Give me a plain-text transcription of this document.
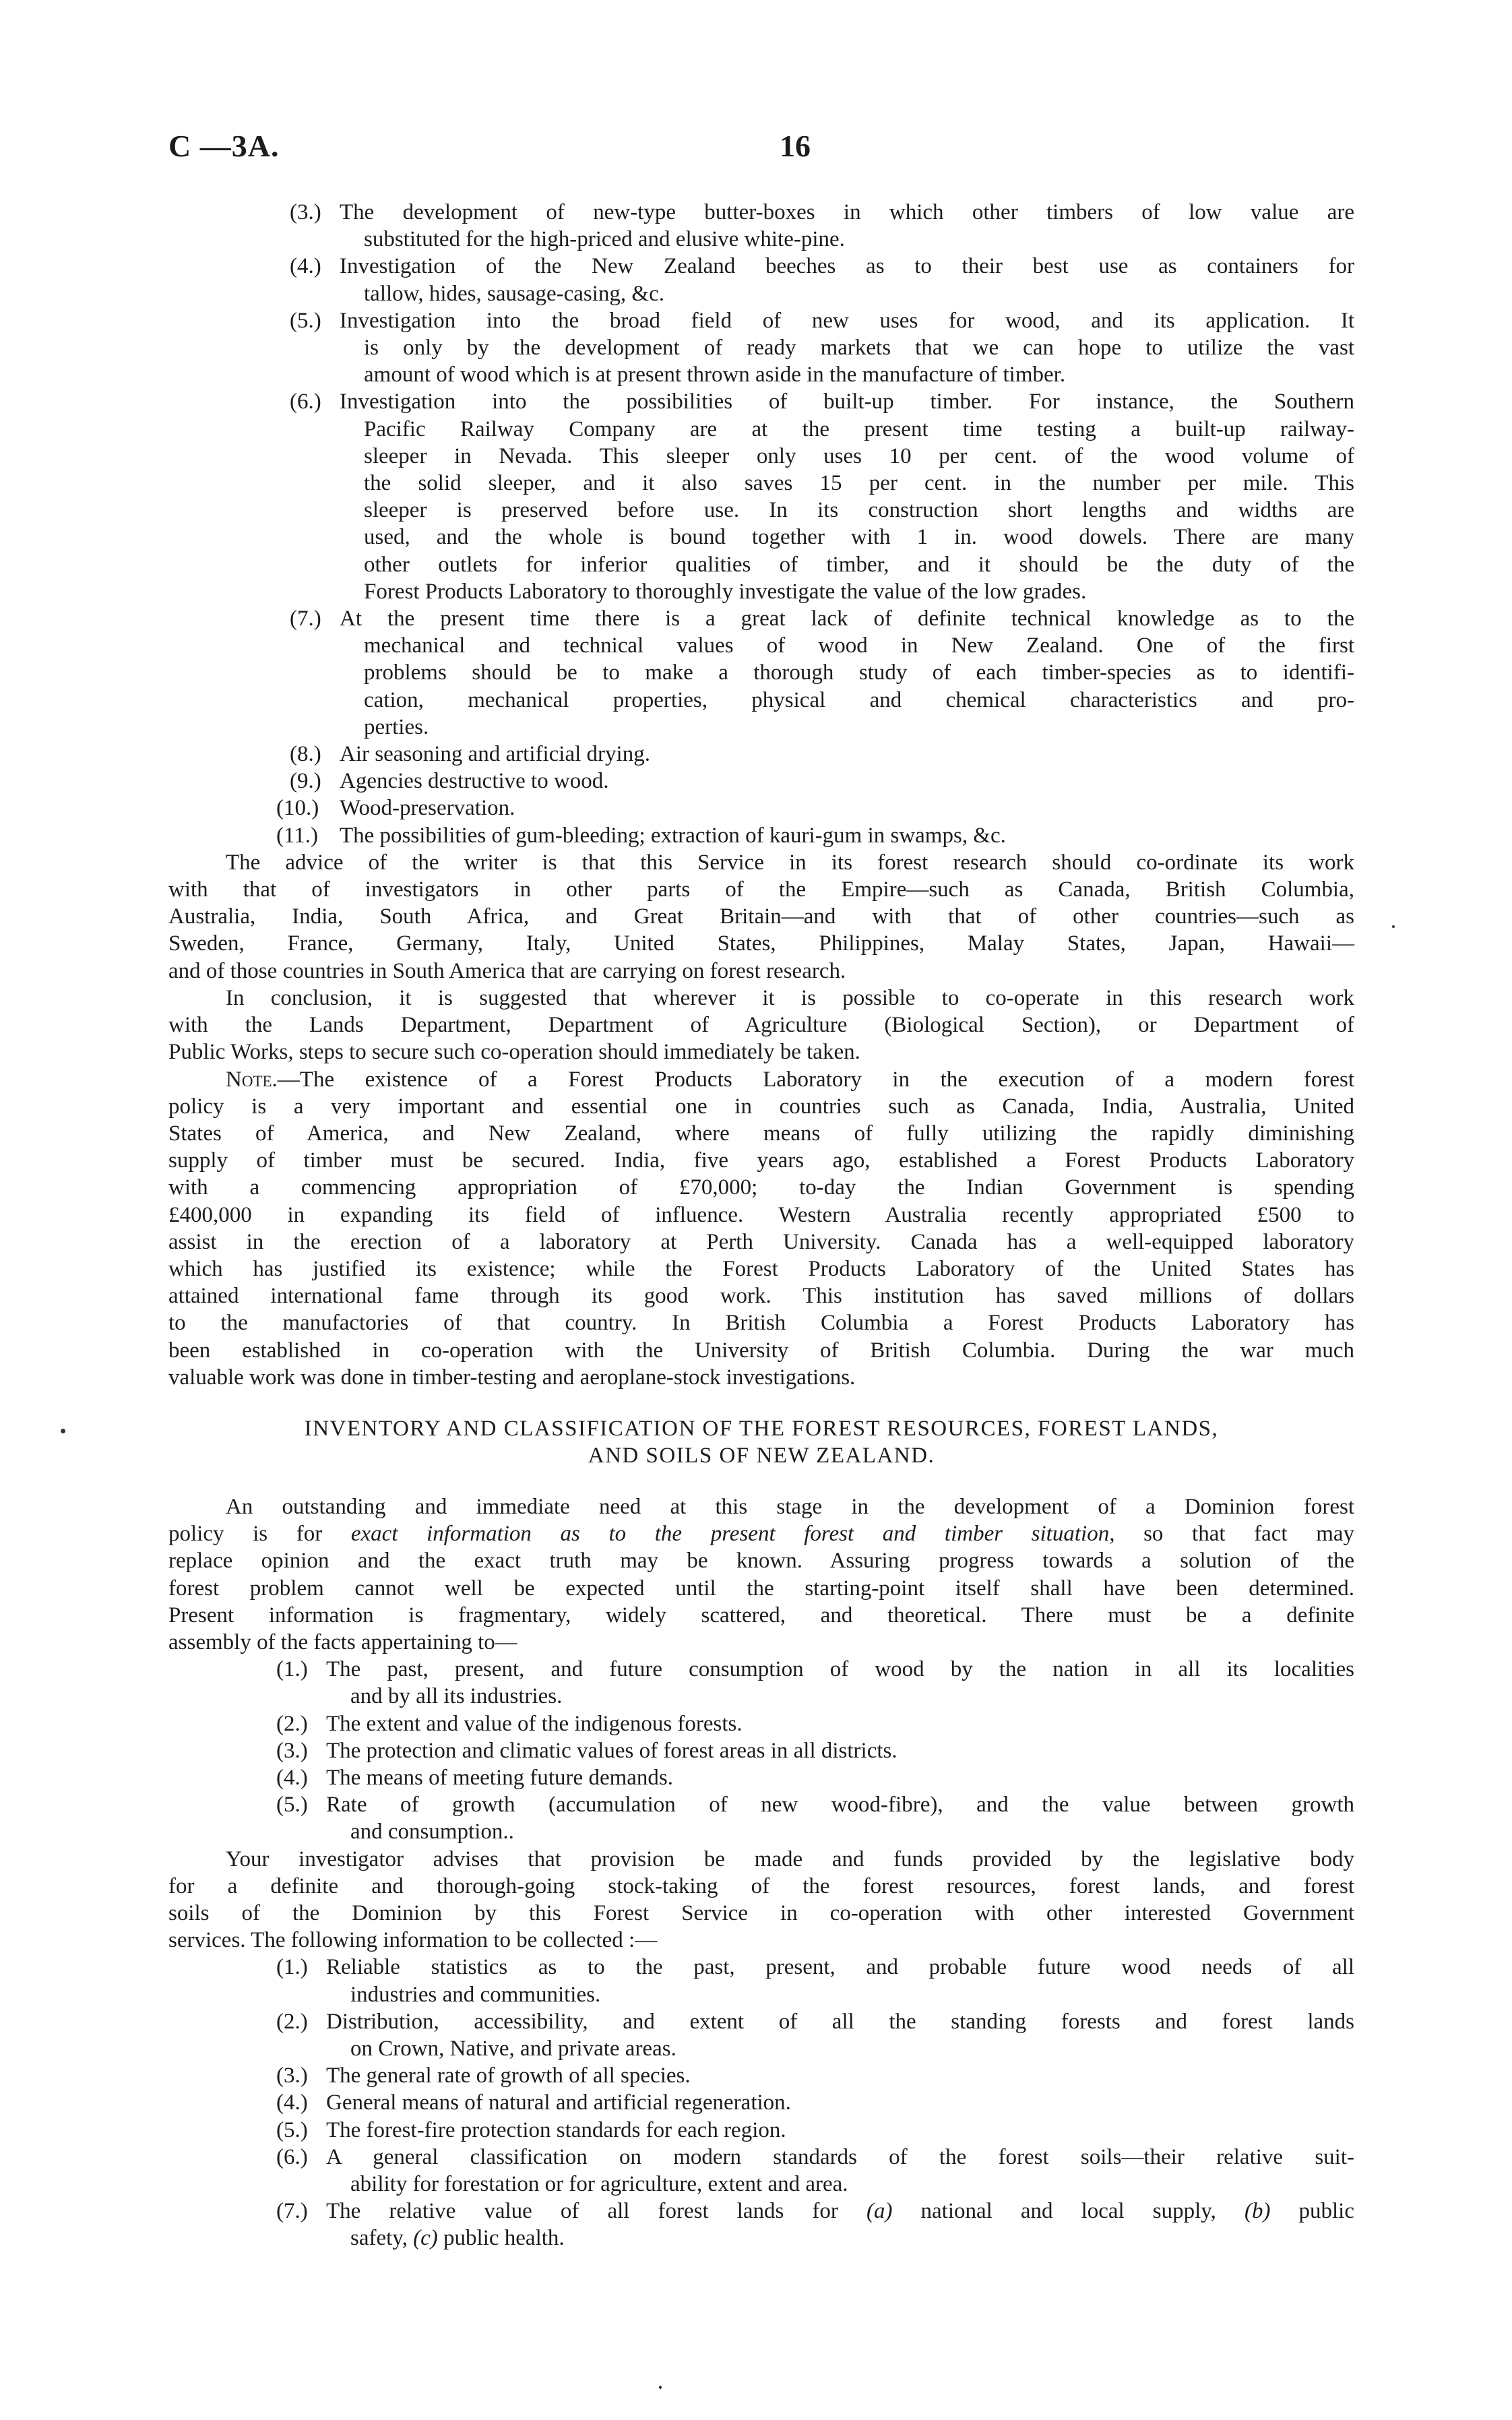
C —3A.	16
(3.) The development of new-type butter-boxes in which other timbers of low value are
substituted for the high-priced and elusive white-pine.
(4.) Investigation of the New Zealand beeches as to their best use as containers for
tallow, hides, sausage-casing, &c.
(5.) Investigation into the broad field of new uses for wood, and its application. It
is only by the development of ready markets that we can hope to utilize the vast
amount of wood which is at present thrown aside in the manufacture of timber.
(6.) Investigation into the possibilities of built-up timber. For instance, the Southern
Pacific Railway Company are at the present time testing a built-up railway-
sleeper in Nevada. This sleeper only uses 10 per cent. of the wood volume of
the solid sleeper, and it also saves 15 per cent. in the number per mile. This
sleeper is preserved before use. In its construction short lengths and widths are
used, and the whole is bound together with 1 in. wood dowels. There are many
other outlets for inferior qualities of timber, and it should be the duty of the
Forest Products Laboratory to thoroughly investigate the value of the low grades.
(7.) At the present time there is a great lack of definite technical knowledge as to the
mechanical and technical values of wood in New Zealand. One of the first
problems should be to make a thorough study of each timber-species as to identifi-
cation, mechanical properties, physical and chemical characteristics and pro-
perties.
(8.) Air seasoning and artificial drying.
(9.) Agencies destructive to wood.
(10.) Wood-preservation.
(11.) The possibilities of gum-bleeding; extraction of kauri-gum in swamps, &c.
The advice of the writer is that this Service in its forest research should co-ordinate its work
with that of investigators in other parts of the Empire—such as Canada, British Columbia,
Australia, India, South Africa, and Great Britain—and with that of other countries—such as
Sweden, France, Germany, Italy, United States, Philippines, Malay States, Japan, Hawaii—
and of those countries in South America that are carrying on forest research.
In conclusion, it is suggested that wherever it is possible to co-operate in this research work
with the Lands Department, Department of Agriculture (Biological Section), or Department of
Public Works, steps to secure such co-operation should immediately be taken.
Note.—The existence of a Forest Products Laboratory in the execution of a modern forest
policy is a very important and essential one in countries such as Canada, India, Australia, United
States of America, and New Zealand, where means of fully utilizing the rapidly diminishing
supply of timber must be secured. India, five years ago, established a Forest Products Laboratory
with a commencing appropriation of £70,000; to-day the Indian Government is spending
£400,000 in expanding its field of influence. Western Australia recently appropriated £500 to
assist in the erection of a laboratory at Perth University. Canada has a well-equipped laboratory
which has justified its existence; while the Forest Products Laboratory of the United States has
attained international fame through its good work. This institution has saved millions of dollars
to the manufactories of that country. In British Columbia a Forest Products Laboratory has
been established in co-operation with the University of British Columbia. During the war much
valuable work was done in timber-testing and aeroplane-stock investigations.
INVENTORY AND CLASSIFICATION OF THE FOREST RESOURCES, FOREST LANDS,
AND SOILS OF NEW ZEALAND.
An outstanding and immediate need at this stage in the development of a Dominion forest
policy is for exact information as to the present forest and timber situation, so that fact may
replace opinion and the exact truth may be known. Assuring progress towards a solution of the
forest problem cannot well be expected until the starting-point itself shall have been determined.
Present information is fragmentary, widely scattered, and theoretical. There must be a definite
assembly of the facts appertaining to—
(1.) The past, present, and future consumption of wood by the nation in all its localities
and by all its industries.
(2.) The extent and value of the indigenous forests.
(3.) The protection and climatic values of forest areas in all districts.
(4.) The means of meeting future demands.
(5.) Rate of growth (accumulation of new wood-fibre), and the value between growth
and consumption..
Your investigator advises that provision be made and funds provided by the legislative body
for a definite and thorough-going stock-taking of the forest resources, forest lands, and forest
soils of the Dominion by this Forest Service in co-operation with other interested Government
services. The following information to be collected :—
(1.) Reliable statistics as to the past, present, and probable future wood needs of all
industries and communities.
(2.) Distribution, accessibility, and extent of all the standing forests and forest lands
on Crown, Native, and private areas.
(3.) The general rate of growth of all species.
(4.) General means of natural and artificial regeneration.
(5.) The forest-fire protection standards for each region.
(6.) A general classification on modern standards of the forest soils—their relative suit-
ability for forestation or for agriculture, extent and area.
(7.) The relative value of all forest lands for (a) national and local supply, (b) public
safety, (c) public health.
